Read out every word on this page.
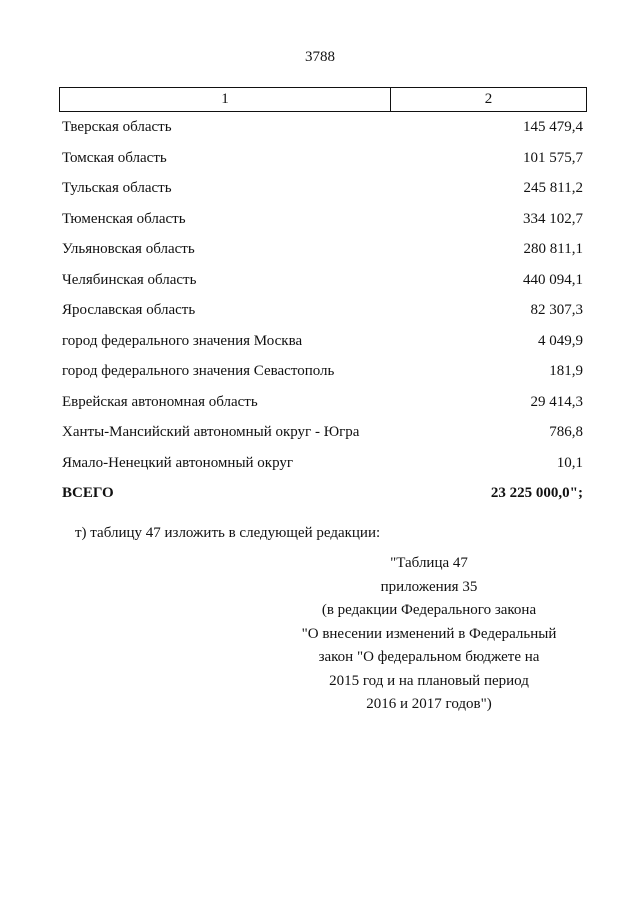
3788
1	2
Тверская область	145 479,4
Томская область	101 575,7
Тульская область	245 811,2
Тюменская область	334 102,7
Ульяновская область	280 811,1
Челябинская область	440 094,1
Ярославская область	82 307,3
город федерального значения Москва	4 049,9
город федерального значения Севастополь	181,9
Еврейская автономная область	29 414,3
Ханты-Мансийский автономный округ - Югра	786,8
Ямало-Ненецкий автономный округ	10,1
ВСЕГО	23 225 000,0";
т) таблицу 47 изложить в следующей редакции:
"Таблица 47
приложения 35
(в редакции Федерального закона
"О внесении изменений в Федеральный
закон "О федеральном бюджете на
2015 год и на плановый период
2016 и 2017 годов")
